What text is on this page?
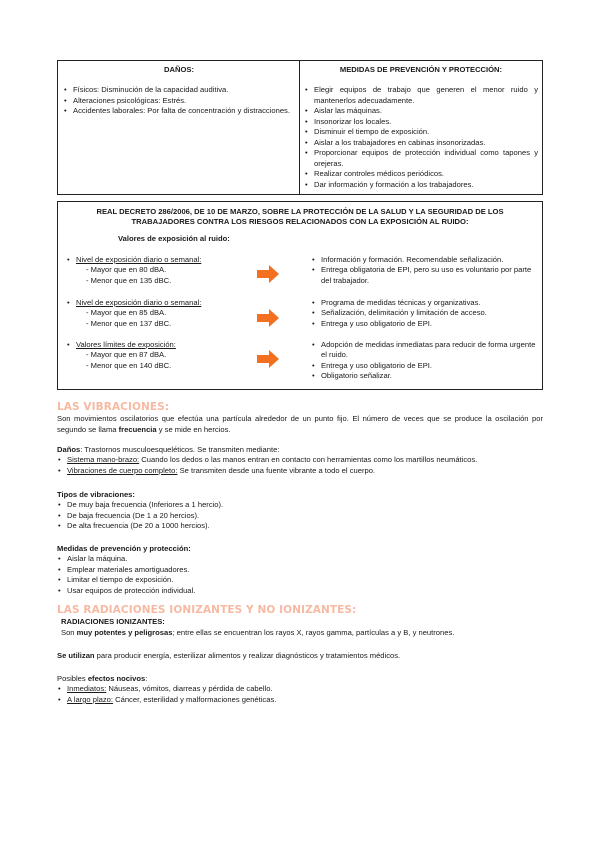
DAÑOS:
• Físicos: Disminución de la capacidad auditiva.
• Alteraciones psicológicas: Estrés.
• Accidentes laborales: Por falta de concentración y distracciones.
MEDIDAS DE PREVENCIÓN Y PROTECCIÓN:
• Elegir equipos de trabajo que generen el menor ruido y mantenerlos adecuadamente.
• Aislar las máquinas.
• Insonorizar los locales.
• Disminuir el tiempo de exposición.
• Aislar a los trabajadores en cabinas insonorizadas.
• Proporcionar equipos de protección individual como tapones y orejeras.
• Realizar controles médicos periódicos.
• Dar información y formación a los trabajadores.
REAL DECRETO 286/2006, DE 10 DE MARZO, SOBRE LA PROTECCIÓN DE LA SALUD Y LA SEGURIDAD DE LOS
TRABAJADORES CONTRA LOS RIESGOS RELACIONADOS CON LA EXPOSICIÓN AL RUIDO:
Valores de exposición al ruido:
• Nivel de exposición diario o semanal:
- Mayor que en 80 dBA.
- Menor que en 135 dBC.
• Información y formación. Recomendable señalización.
• Entrega obligatoria de EPI, pero su uso es voluntario por parte del trabajador.
• Nivel de exposición diario o semanal:
- Mayor que en 85 dBA.
- Menor que en 137 dBC.
• Programa de medidas técnicas y organizativas.
• Señalización, delimitación y limitación de acceso.
• Entrega y uso obligatorio de EPI.
• Valores límites de exposición:
- Mayor que en 87 dBA.
- Menor que en 140 dBC.
• Adopción de medidas inmediatas para reducir de forma urgente el ruido.
• Entrega y uso obligatorio de EPI.
• Obligatorio señalizar.
LAS VIBRACIONES:

Son movimientos oscilatorios que efectúa una partícula alrededor de un punto fijo. El número de veces que se produce la oscilación por segundo se llama frecuencia y se mide en hercios.

Daños: Trastornos musculoesqueléticos. Se transmiten mediante:

• Sistema mano-brazo: Cuando los dedos o las manos entran en contacto con herramientas como los martillos neumáticos.
• Vibraciones de cuerpo completo: Se transmiten desde una fuente vibrante a todo el cuerpo.

Tipos de vibraciones:

• De muy baja frecuencia (Inferiores a 1 hercio).
• De baja frecuencia (De 1 a 20 hercios).
• De alta frecuencia (De 20 a 1000 hercios).

Medidas de prevención y protección:

• Aislar la máquina.
• Emplear materiales amortiguadores.
• Limitar el tiempo de exposición.
• Usar equipos de protección individual.
LAS RADIACIONES IONIZANTES Y NO IONIZANTES:

RADIACIONES IONIZANTES:

Son muy potentes y peligrosas; entre ellas se encuentran los rayos X, rayos gamma, partículas a y B, y neutrones.

Se utilizan para producir energía, esterilizar alimentos y realizar diagnósticos y tratamientos médicos.

Posibles efectos nocivos:

• Inmediatos: Náuseas, vómitos, diarreas y pérdida de cabello.
• A largo plazo: Cáncer, esterilidad y malformaciones genéticas.
